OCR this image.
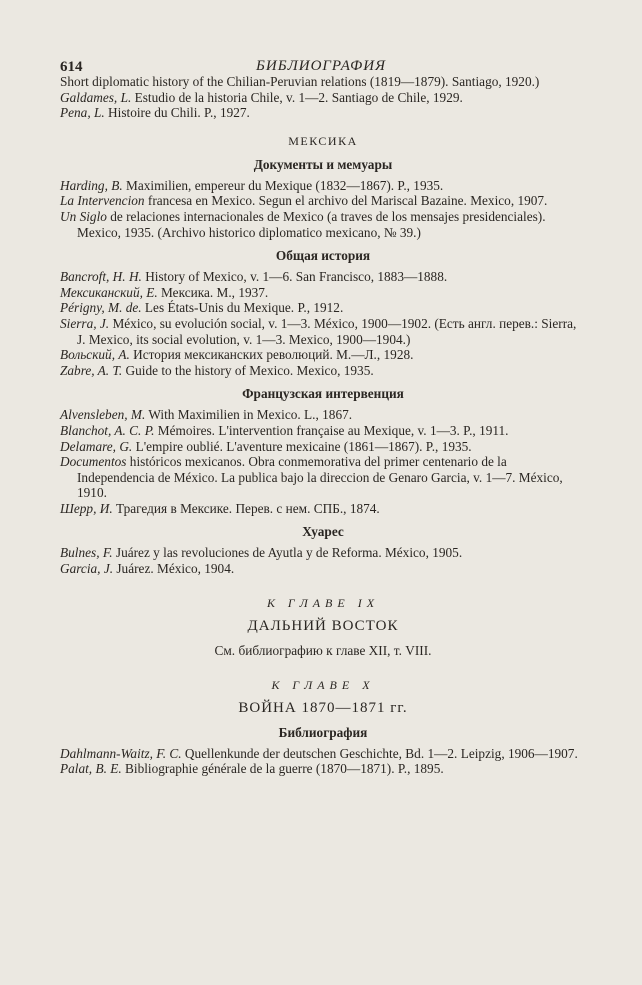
614	БИБЛИОГРАФИЯ

Short diplomatic history of the Chilian-Peruvian relations (1819—1879). Santiago, 1920.)

Galdames, L. Estudio de la historia Chile, v. 1—2. Santiago de Chile, 1929.

Pena, L. Histoire du Chili. P., 1927.

МЕКСИКА
Документы и мемуары

Harding, B. Maximilien, empereur du Mexique (1832—1867). P., 1935.

La Intervencion francesa en Mexico. Segun el archivo del Mariscal Bazaine. Mexico, 1907.

Un Siglo de relaciones internacionales de Mexico (a traves de los mensajes presidenciales). Mexico, 1935. (Archivo historico diplomatico mexicano, № 39.)

Общая история

Bancroft, H. H. History of Mexico, v. 1—6. San Francisco, 1883—1888.

Мексиканский, Е. Мексика. М., 1937.

Périgny, M. de. Les États-Unis du Mexique. P., 1912.

Sierra, J. México, su evolución social, v. 1—3. México, 1900—1902. (Есть англ. перев.: Sierra, J. Mexico, its social evolution, v. 1—3. Mexico, 1900—1904.)

Вольский, А. История мексиканских революций. М.—Л., 1928.

Zabre, A. T. Guide to the history of Mexico. Mexico, 1935.

Французская интервенция

Alvensleben, M. With Maximilien in Mexico. L., 1867.

Blanchot, A. C. P. Mémoires. L'intervention française au Mexique, v. 1—3. P., 1911.

Delamare, G. L'empire oublié. L'aventure mexicaine (1861—1867). P., 1935.

Documentos históricos mexicanos. Obra conmemorativa del primer centenario de la Independencia de México. La publica bajo la direccion de Genaro Garcia, v. 1—7. México, 1910.

Шерр, И. Трагедия в Мексике. Перев. с нем. СПБ., 1874.

Хуарес

Bulnes, F. Juárez y las revoluciones de Ayutla y de Reforma. México, 1905.

Garcia, J. Juárez. México, 1904.

К ГЛАВЕ IX
ДАЛЬНИЙ ВОСТОК

См. библиографию к главе XII, т. VIII.

К ГЛАВЕ X
ВОЙНА 1870—1871 гг.
Библиография

Dahlmann-Waitz, F. C. Quellenkunde der deutschen Geschichte, Bd. 1—2. Leipzig, 1906—1907.

Palat, B. E. Bibliographie générale de la guerre (1870—1871). P., 1895.
